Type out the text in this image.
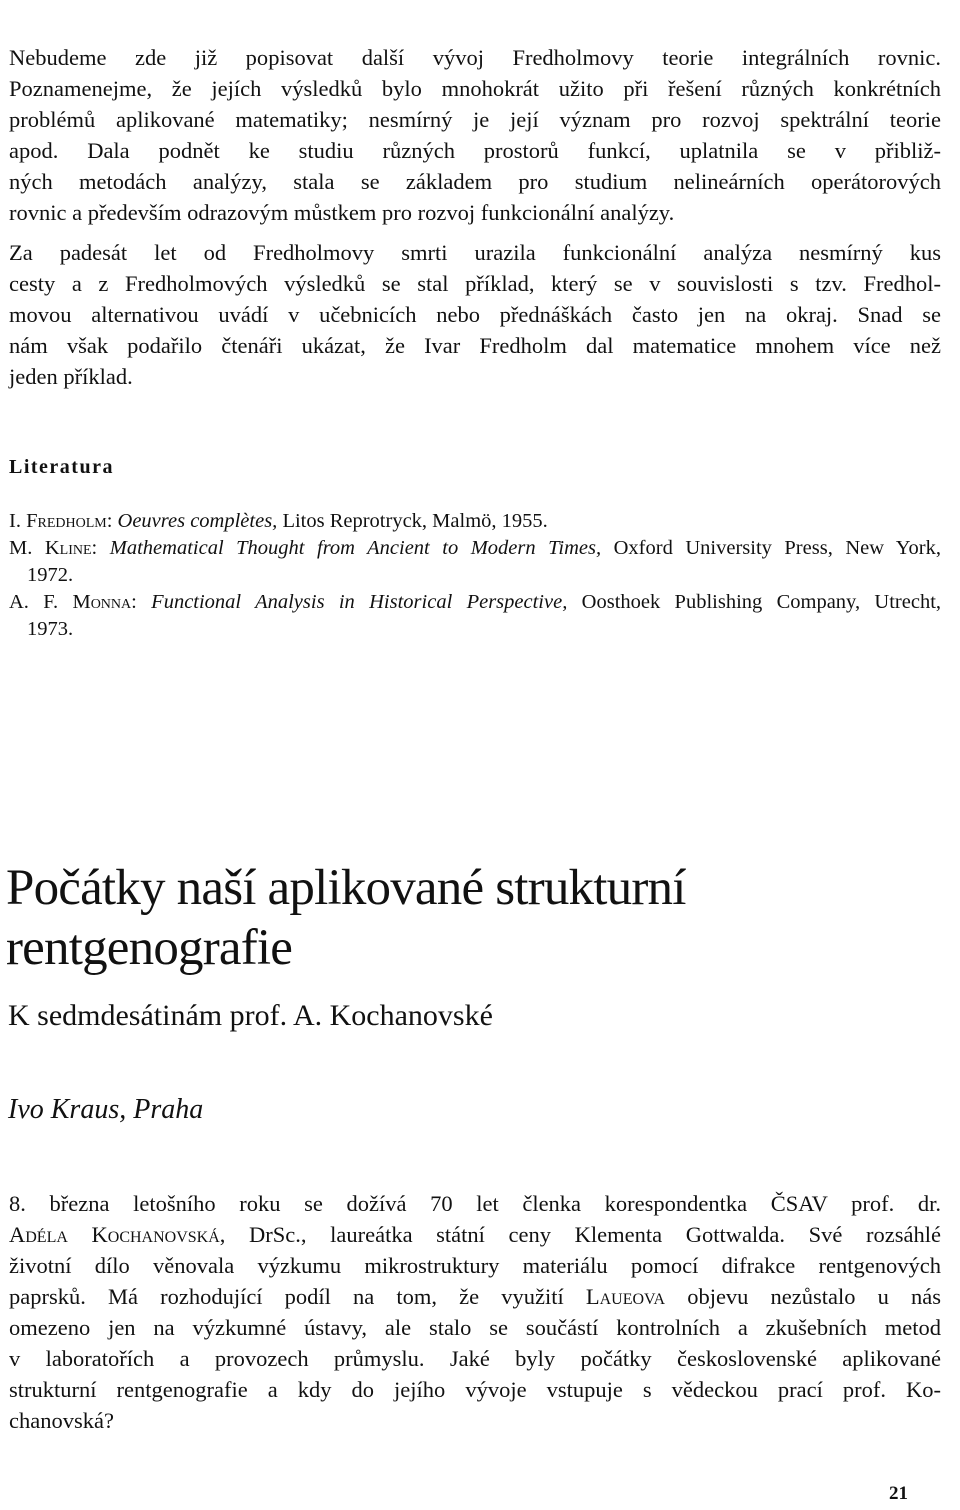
Nebudeme zde již popisovat další vývoj Fredholmovy teorie integrálních rovnic.
Poznamenejme, že jejích výsledků bylo mnohokrát užito při řešení různých konkrétních
problémů aplikované matematiky; nesmírný je její význam pro rozvoj spektrální teorie
apod. Dala podnět ke studiu různých prostorů funkcí, uplatnila se v přibliž-
ných metodách analýzy, stala se základem pro studium nelineárních operátorových
rovnic a především odrazovým můstkem pro rozvoj funkcionální analýzy.

Za padesát let od Fredholmovy smrti urazila funkcionální analýza nesmírný kus
cesty a z Fredholmových výsledků se stal příklad, který se v souvislosti s tzv. Fredhol-
movou alternativou uvádí v učebnicích nebo přednáškách často jen na okraj. Snad se
nám však podařilo čtenáři ukázat, že Ivar Fredholm dal matematice mnohem více než
jeden příklad.

Literatura
I. Fredholm: Oeuvres complètes, Litos Reprotryck, Malmö, 1955.
M. Kline: Mathematical Thought from Ancient to Modern Times, Oxford University Press, New York,
1972.
A. F. Monna: Functional Analysis in Historical Perspective, Oosthoek Publishing Company, Utrecht,
1973.
Počátky naší aplikované strukturní
rentgenografie
K sedmdesátinám prof. A. Kochanovské
Ivo Kraus, Praha

8. března letošního roku se dožívá 70 let členka korespondentka ČSAV prof. dr.
Adéla Kochanovská, DrSc., laureátka státní ceny Klementa Gottwalda. Své rozsáhlé
životní dílo věnovala výzkumu mikrostruktury materiálu pomocí difrakce rentgenových
paprsků. Má rozhodující podíl na tom, že využití Laueova objevu nezůstalo u nás
omezeno jen na výzkumné ústavy, ale stalo se součástí kontrolních a zkušebních metod
v laboratořích a provozech průmyslu. Jaké byly počátky československé aplikované
strukturní rentgenografie a kdy do jejího vývoje vstupuje s vědeckou prací prof. Ko-
chanovská?

21
